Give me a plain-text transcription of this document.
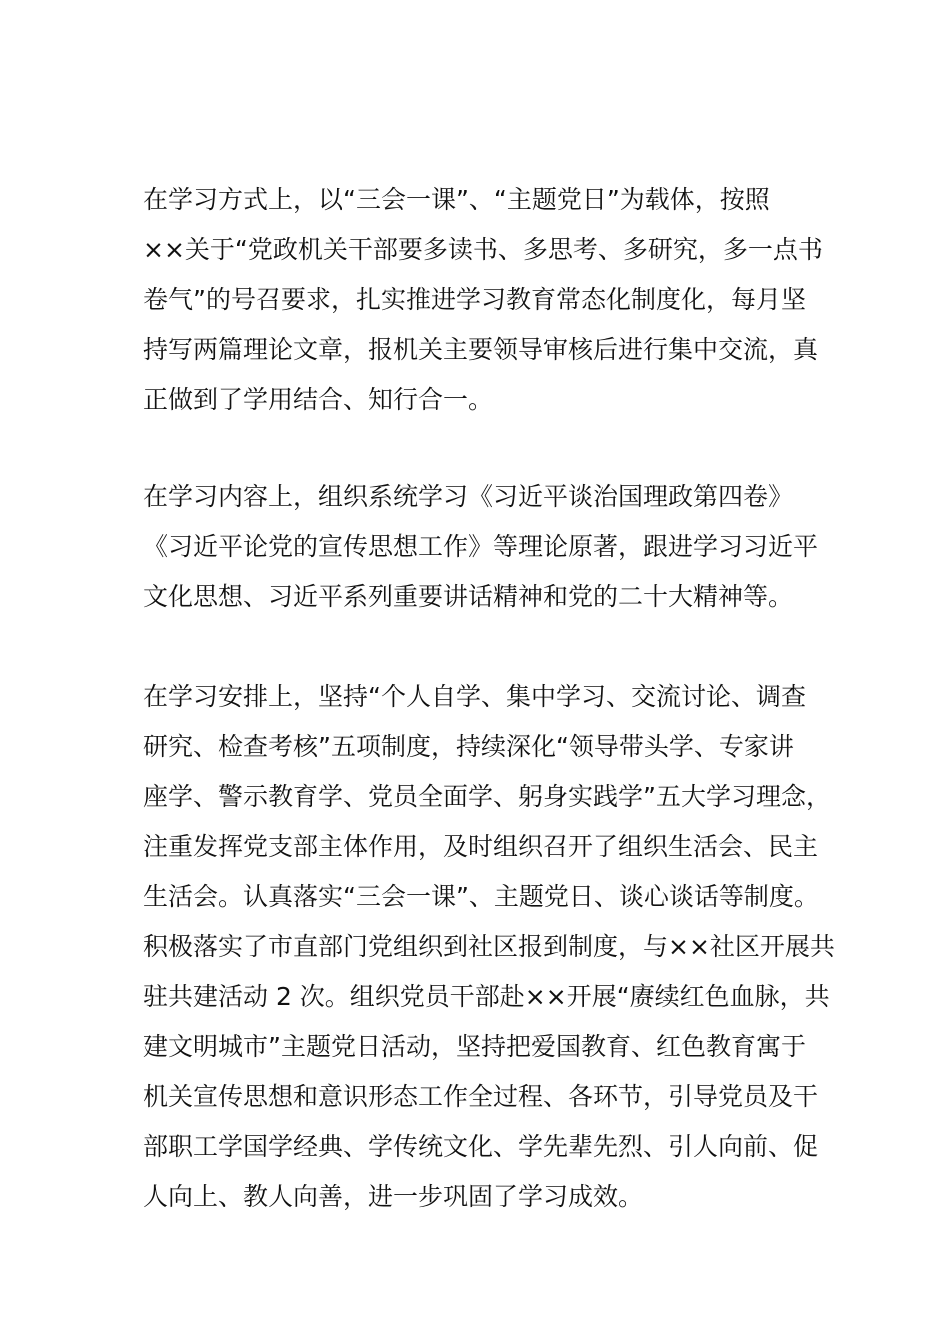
在学习方式上，以“三会一课”、“主题党日”为载体，按照
××关于“党政机关干部要多读书、多思考、多研究，多一点书
卷气”的号召要求，扎实推进学习教育常态化制度化，每月坚
持写两篇理论文章，报机关主要领导审核后进行集中交流，真
正做到了学用结合、知行合一。
在学习内容上，组织系统学习《习近平谈治国理政第四卷》
《习近平论党的宣传思想工作》等理论原著，跟进学习习近平
文化思想、习近平系列重要讲话精神和党的二十大精神等。
在学习安排上，坚持“个人自学、集中学习、交流讨论、调查
研究、检查考核”五项制度，持续深化“领导带头学、专家讲
座学、警示教育学、党员全面学、躬身实践学”五大学习理念，
注重发挥党支部主体作用，及时组织召开了组织生活会、民主
生活会。认真落实“三会一课”、主题党日、谈心谈话等制度。
积极落实了市直部门党组织到社区报到制度，与××社区开展共
驻共建活动 2 次。组织党员干部赴××开展“赓续红色血脉，共
建文明城市”主题党日活动，坚持把爱国教育、红色教育寓于
机关宣传思想和意识形态工作全过程、各环节，引导党员及干
部职工学国学经典、学传统文化、学先辈先烈、引人向前、促
人向上、教人向善，进一步巩固了学习成效。
